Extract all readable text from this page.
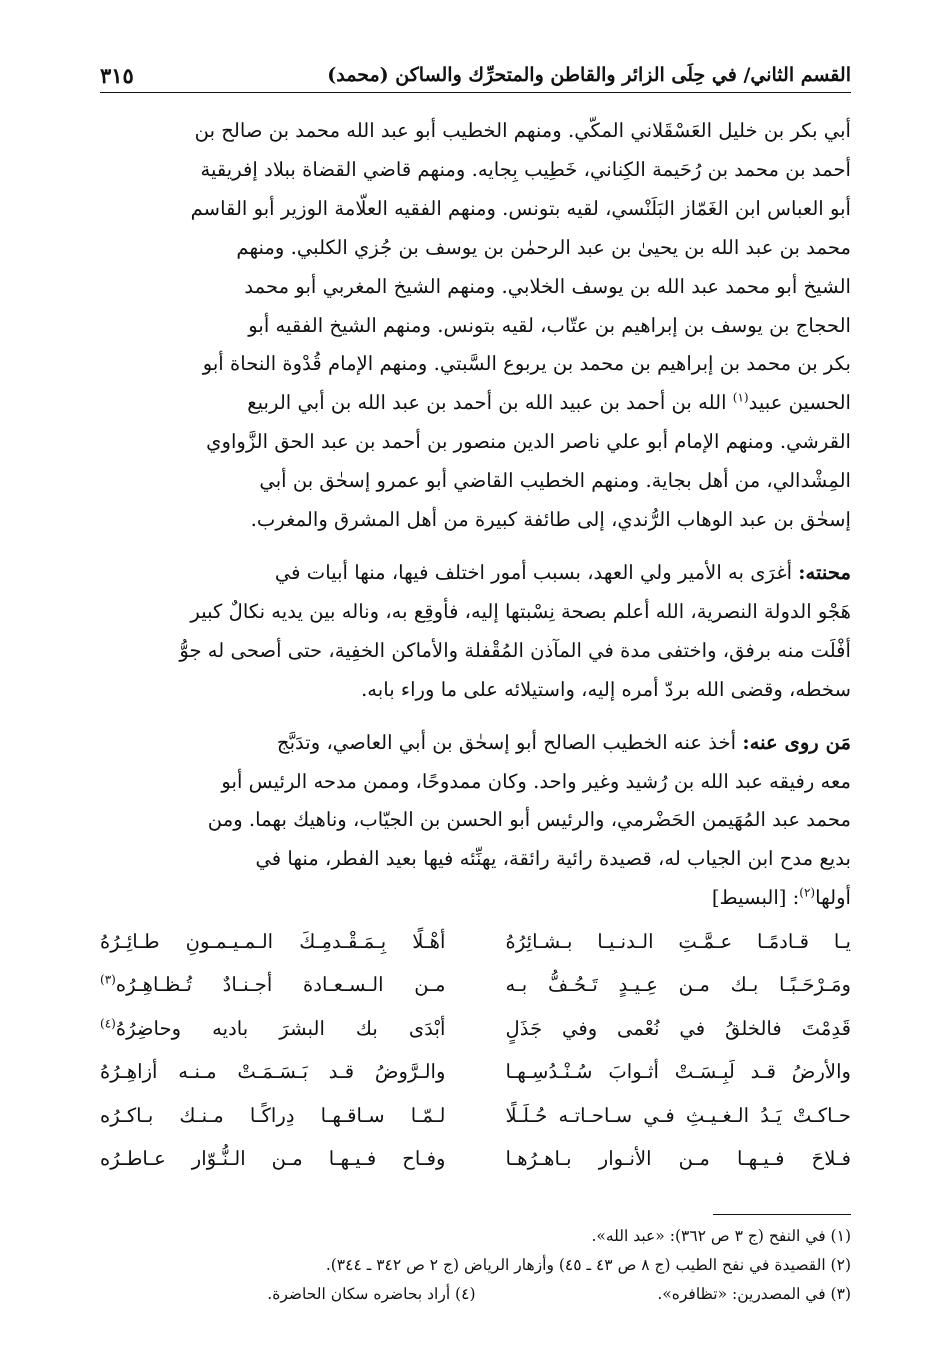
القسم الثاني/ في حِلَى الزائر والقاطن والمتحرِّك والساكن (محمد)
٣١٥

أبي بكر بن خليل العَسْقَلاني المكّي. ومنهم الخطيب أبو عبد الله محمد بن صالح بن

أحمد بن محمد بن رُحَيمة الكِناني، خَطِيب بِجايه. ومنهم قاضي القضاة ببلاد إفريقية

أبو العباس ابن الغَمّاز البَلَنْسي، لقيه بتونس. ومنهم الفقيه العلّامة الوزير أبو القاسم

محمد بن عبد الله بن يحيىٰ بن عبد الرحمٰن بن يوسف بن جُزي الكلبي. ومنهم

الشيخ أبو محمد عبد الله بن يوسف الخلابي. ومنهم الشيخ المغربي أبو محمد

الحجاج بن يوسف بن إبراهيم بن عتّاب، لقيه بتونس. ومنهم الشيخ الفقيه أبو

بكر بن محمد بن إبراهيم بن محمد بن يربوع السَّبتي. ومنهم الإمام قُدْوة النحاة أبو

الحسين عبيد$^{(١)}$ الله بن أحمد بن عبيد الله بن أحمد بن عبد الله بن أبي الربيع

القرشي. ومنهم الإمام أبو علي ناصر الدين منصور بن أحمد بن عبد الحق الزَّواوي

المِشْدالي، من أهل بجاية. ومنهم الخطيب القاضي أبو عمرو إسحٰق بن أبي

إسحٰق بن عبد الوهاب الرُّندي، إلى طائفة كبيرة من أهل المشرق والمغرب.

محنته: أغرَى به الأمير ولي العهد، بسبب أمور اختلف فيها، منها أبيات في

هَجْو الدولة النصرية، الله أعلم بصحة نِسْبتها إليه، فأوقِع به، وناله بين يديه نكالٌ كبير

أفْلَت منه برفق، واختفى مدة في المآذن المُقْفلة والأماكن الخفِية، حتى أصحى له جوُّ

سخطه، وقضى الله بردّ أمره إليه، واستيلائه على ما وراء بابه.

مَن روى عنه: أخذ عنه الخطيب الصالح أبو إسحٰق بن أبي العاصي، وتدَبَّج

معه رفيقه عبد الله بن رُشيد وغير واحد. وكان ممدوحًا، وممن مدحه الرئيس أبو

محمد عبد المُهَيمن الحَضْرمي، والرئيس أبو الحسن بن الجيّاب، وناهيك بهما. ومن

بديع مدح ابن الجياب له، قصيدة رائية رائقة، يهنِّئه فيها بعيد الفطر، منها في

أولها$^{(٢)}$: [البسيط]

يـا قـادمًـا عـمَّـتِ الـدنـيـا بـشـائِرُهُ
أهْـلًا بِـمَـقْـدمِـكَ الـمـيـمـونِ طـائِـرُهُ
ومَـرْحَـبًـا بـك مـن عِـيـدٍ تَـحُـفُّ بـه
مـن الـسـعـادة أجـنـادٌ تُـظـاهِـرُه$^{(٣)}$
قَدِمْتَ فالخلقُ في نُعْمى وفي جَذَلٍ
أبْدَى بك البشرَ باديه وحاضِرُهُ$^{(٤)}$
والأرضُ قـد لَبِـسَـتْ أثـوابَ سُـنْـدُسِـهـا
والـرَّوضُ قـد بَـسَـمَـتْ مـنـه أزاهِـرُهُ
حـاكـتْ يَـدُ الـغـيـثِ فـي سـاحـاتـه حُـلَـلًا
لـمّـا سـاقـهـا دِراكًـا مـنـك بـاكـرُه
فـلاحَ فـيـهـا مـن الأنـوار بـاهـرُهـا
وفـاح فـيـهـا مـن الـنُّـوّار عـاطـرُه
(١) في النفح (ج ٣ ص ٣٦٢): «عبد الله».
(٢) القصيدة في نفح الطيب (ج ٨ ص ٤٣ ـ ٤٥) وأزهار الرياض (ج ٢ ص ٣٤٢ ـ ٣٤٤).
(٣) في المصدرين: «تظافره».
(٤) أراد بحاضره سكان الحاضرة.
